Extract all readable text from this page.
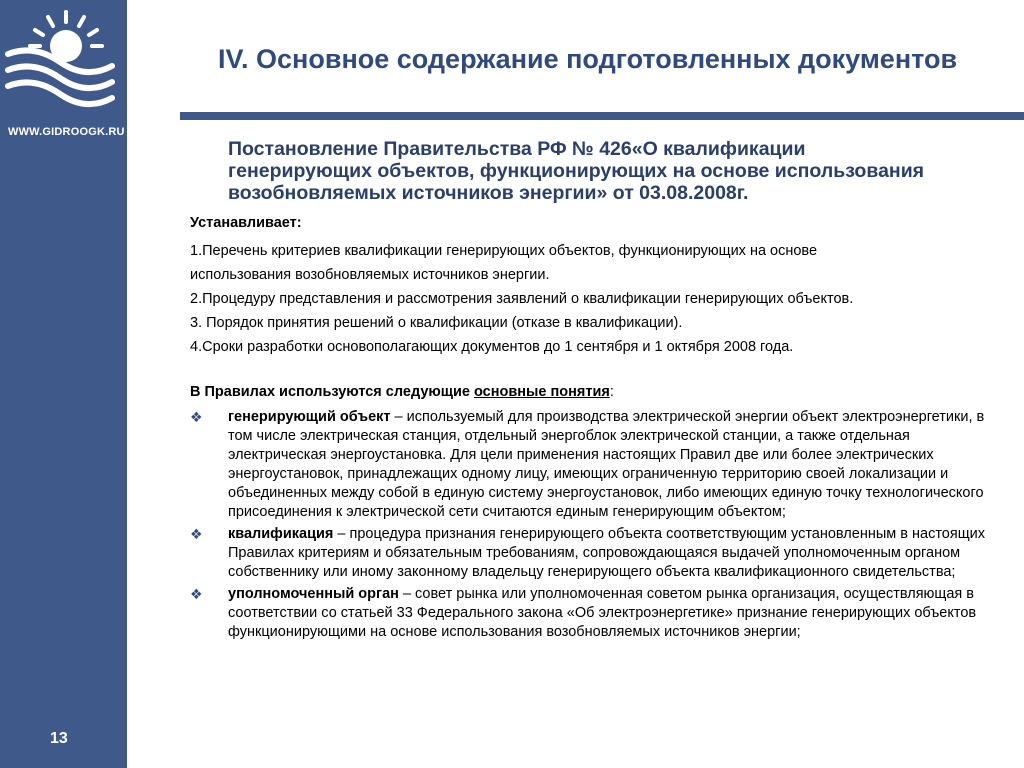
WWW.GIDROOGK.RU
13
IV. Основное содержание подготовленных документов
Постановление Правительства РФ № 426«О квалификации
генерирующих объектов, функционирующих на основе использования
возобновляемых источников энергии» от 03.08.2008г.
Устанавливает:
1.Перечень критериев квалификации генерирующих объектов, функционирующих на основе
использования возобновляемых источников энергии.
2.Процедуру представления и рассмотрения заявлений о квалификации генерирующих объектов.
3. Порядок принятия решений о квалификации (отказе в квалификации).
4.Сроки разработки основополагающих документов до 1 сентября и 1 октября 2008 года.
В Правилах используются следующие основные понятия:
❖ генерирующий объект – используемый для производства электрической энергии объект электроэнергетики, в том числе электрическая станция, отдельный энергоблок электрической станции, а также отдельная электрическая энергоустановка. Для цели применения настоящих Правил две или более электрических энергоустановок, принадлежащих одному лицу, имеющих ограниченную территорию своей локализации и объединенных между собой в единую систему энергоустановок, либо имеющих единую точку технологического присоединения к электрической сети считаются единым генерирующим объектом;
❖ квалификация – процедура признания генерирующего объекта соответствующим установленным в настоящих Правилах критериям и обязательным требованиям, сопровождающаяся выдачей уполномоченным органом собственнику или иному законному владельцу генерирующего объекта квалификационного свидетельства;
❖ уполномоченный орган – совет рынка или уполномоченная советом рынка организация, осуществляющая в соответствии со статьей 33 Федерального закона «Об электроэнергетике» признание генерирующих объектов функционирующими на основе использования возобновляемых источников энергии;
